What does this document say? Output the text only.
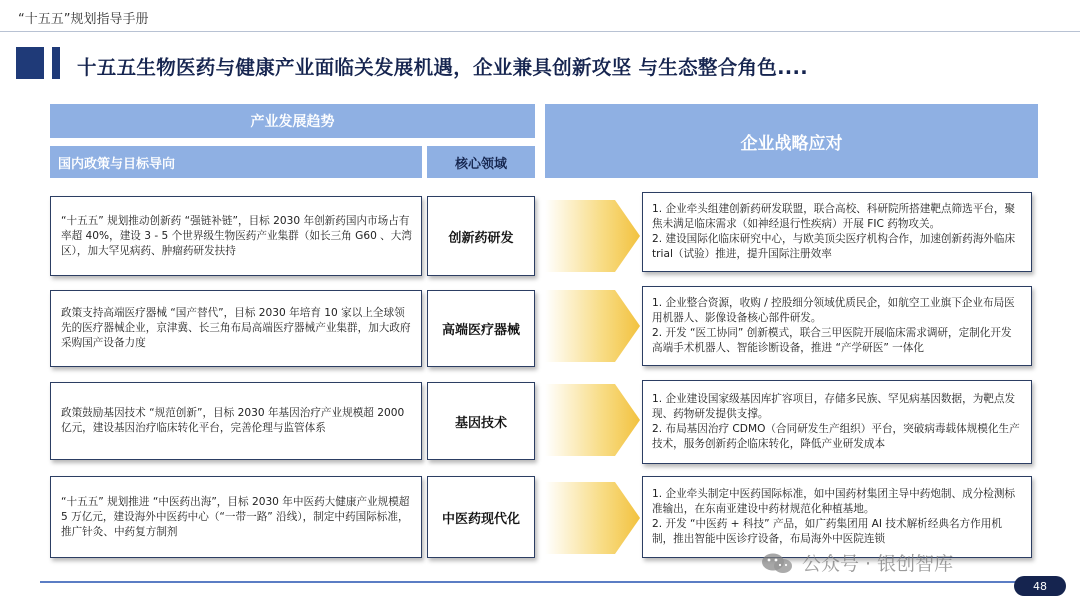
“十五五”规划指导手册
十五五生物医药与健康产业面临关发展机遇，企业兼具创新攻坚 与生态整合角色....
产业发展趋势
国内政策与目标导向	核心领域
企业战略应对
“十五五” 规划推动创新药 “强链补链”，目标 2030 年创新药国内市场占有率超 40%，建设 3 - 5 个世界级生物医药产业集群（如长三角 G60 、大湾区），加大罕见病药、肿瘤药研发扶持
创新药研发
1. 企业牵头组建创新药研发联盟，联合高校、科研院所搭建靶点筛选平台，聚焦未满足临床需求（如神经退行性疾病）开展 FIC 药物攻关。
2. 建设国际化临床研究中心，与欧美顶尖医疗机构合作，加速创新药海外临床 trial（试验）推进，提升国际注册效率
政策支持高端医疗器械 “国产替代”，目标 2030 年培育 10 家以上全球领先的医疗器械企业，京津冀、长三角布局高端医疗器械产业集群，加大政府采购国产设备力度
高端医疗器械
1. 企业整合资源，收购 / 控股细分领域优质民企，如航空工业旗下企业布局医用机器人、影像设备核心部件研发。
2. 开发 “医工协同” 创新模式，联合三甲医院开展临床需求调研，定制化开发高端手术机器人、智能诊断设备，推进 “产学研医” 一体化
政策鼓励基因技术 “规范创新”，目标 2030 年基因治疗产业规模超 2000 亿元，建设基因治疗临床转化平台，完善伦理与监管体系	基因技术
1. 企业建设国家级基因库扩容项目，存储多民族、罕见病基因数据，为靶点发现、药物研发提供支撑。
2. 布局基因治疗 CDMO（合同研发生产组织）平台，突破病毒载体规模化生产技术，服务创新药企临床转化，降低产业研发成本
“十五五” 规划推进 “中医药出海”，目标 2030 年中医药大健康产业规模超 5 万亿元，建设海外中医药中心（“一带一路” 沿线），制定中药国际标准，推广针灸、中药复方制剂
中医药现代化
1. 企业牵头制定中医药国际标准，如中国药材集团主导中药炮制、成分检测标准输出，在东南亚建设中药材规范化种植基地。
2. 开发 “中医药 + 科技” 产品，如广药集团用 AI 技术解析经典名方作用机制，推出智能中医诊疗设备，布局海外中医院连锁
公众号 · 银创智库
48
